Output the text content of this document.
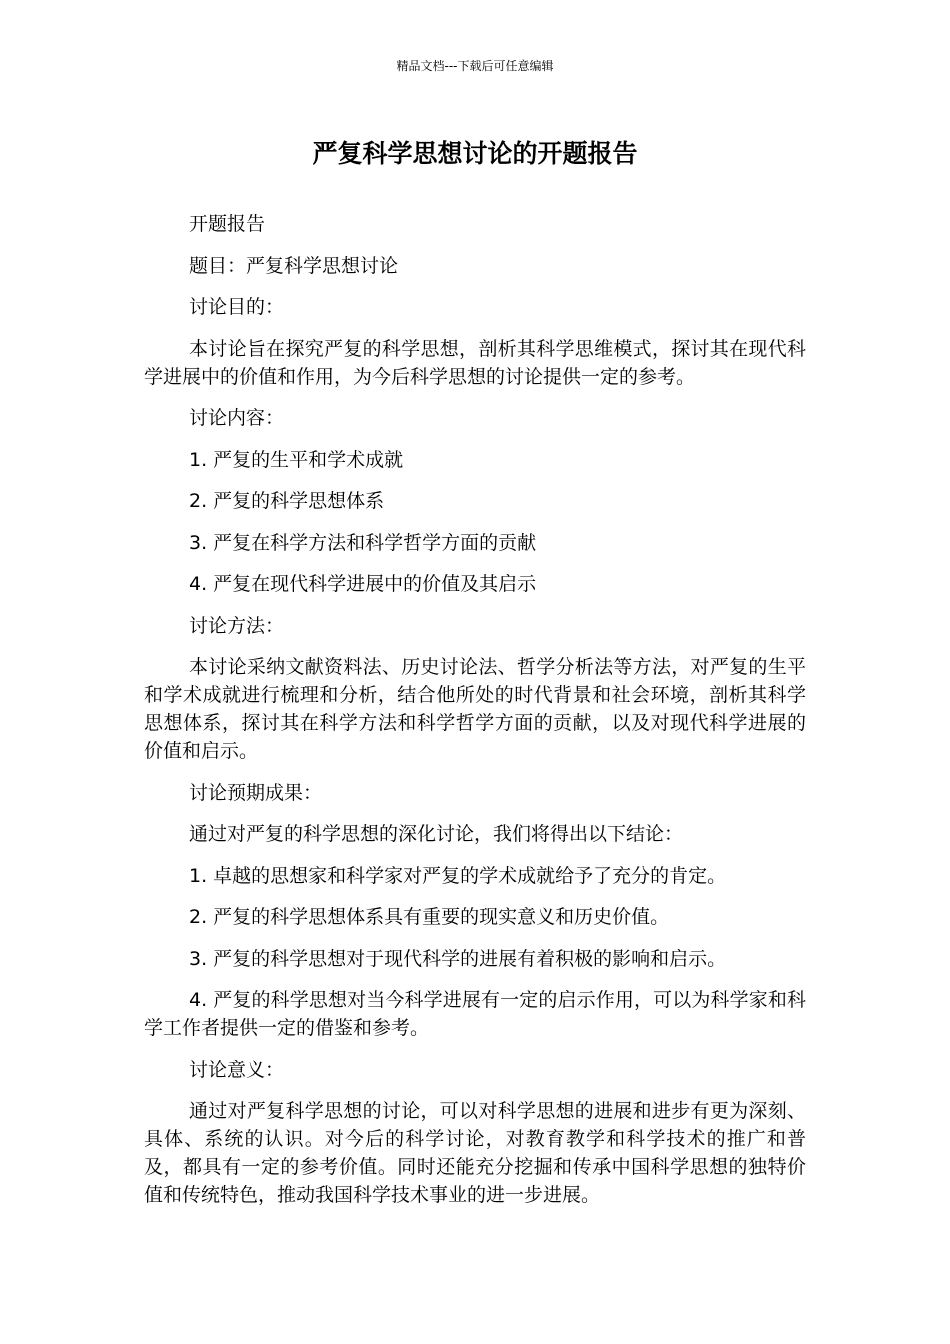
精品文档---下载后可任意编辑
严复科学思想讨论的开题报告

开题报告

题目：严复科学思想讨论

讨论目的：

本讨论旨在探究严复的科学思想，剖析其科学思维模式，探讨其在现代科学进展中的价值和作用，为今后科学思想的讨论提供一定的参考。

讨论内容：

1. 严复的生平和学术成就

2. 严复的科学思想体系

3. 严复在科学方法和科学哲学方面的贡献

4. 严复在现代科学进展中的价值及其启示

讨论方法：

本讨论采纳文献资料法、历史讨论法、哲学分析法等方法，对严复的生平和学术成就进行梳理和分析，结合他所处的时代背景和社会环境，剖析其科学思想体系，探讨其在科学方法和科学哲学方面的贡献，以及对现代科学进展的价值和启示。

讨论预期成果：

通过对严复的科学思想的深化讨论，我们将得出以下结论：

1. 卓越的思想家和科学家对严复的学术成就给予了充分的肯定。

2. 严复的科学思想体系具有重要的现实意义和历史价值。

3. 严复的科学思想对于现代科学的进展有着积极的影响和启示。

4. 严复的科学思想对当今科学进展有一定的启示作用，可以为科学家和科学工作者提供一定的借鉴和参考。

讨论意义：

通过对严复科学思想的讨论，可以对科学思想的进展和进步有更为深刻、具体、系统的认识。对今后的科学讨论，对教育教学和科学技术的推广和普及，都具有一定的参考价值。同时还能充分挖掘和传承中国科学思想的独特价值和传统特色，推动我国科学技术事业的进一步进展。
